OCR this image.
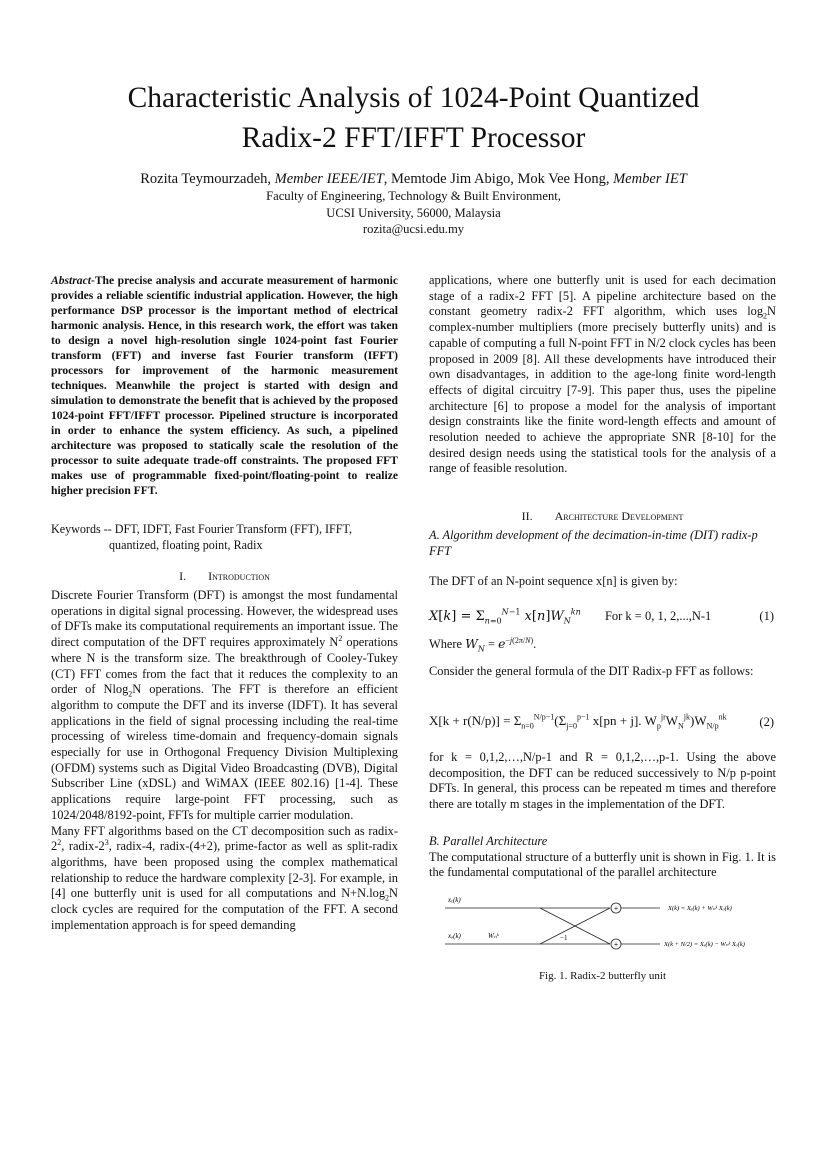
Characteristic Analysis of 1024-Point Quantized
Radix-2 FFT/IFFT Processor
Rozita Teymourzadeh, Member IEEE/IET, Memtode Jim Abigo, Mok Vee Hong, Member IET
Faculty of Engineering, Technology & Built Environment,
UCSI University, 56000, Malaysia
rozita@ucsi.edu.my
Abstract-The precise analysis and accurate measurement of harmonic provides a reliable scientific industrial application. However, the high performance DSP processor is the important method of electrical harmonic analysis. Hence, in this research work, the effort was taken to design a novel high-resolution single 1024-point fast Fourier transform (FFT) and inverse fast Fourier transform (IFFT) processors for improvement of the harmonic measurement techniques. Meanwhile the project is started with design and simulation to demonstrate the benefit that is achieved by the proposed 1024-point FFT/IFFT processor. Pipelined structure is incorporated in order to enhance the system efficiency. As such, a pipelined architecture was proposed to statically scale the resolution of the processor to suite adequate trade-off constraints. The proposed FFT makes use of programmable fixed-point/floating-point to realize higher precision FFT.
Keywords -- DFT, IDFT, Fast Fourier Transform (FFT), IFFT,
quantized, floating point, Radix
I. Introduction

Discrete Fourier Transform (DFT) is amongst the most fundamental operations in digital signal processing. However, the widespread uses of DFTs make its computational requirements an important issue. The direct computation of the DFT requires approximately $N^2$ operations where N is the transform size. The breakthrough of Cooley-Tukey (CT) FFT comes from the fact that it reduces the complexity to an order of Nlog$_2$N operations. The FFT is therefore an efficient algorithm to compute the DFT and its inverse (IDFT). It has several applications in the field of signal processing including the real-time processing of wireless time-domain and frequency-domain signals especially for use in Orthogonal Frequency Division Multiplexing (OFDM) systems such as Digital Video Broadcasting (DVB), Digital Subscriber Line (xDSL) and WiMAX (IEEE 802.16) [1-4]. These applications require large-point FFT processing, such as 1024/2048/8192-point, FFTs for multiple carrier modulation.

Many FFT algorithms based on the CT decomposition such as radix-$2^2$, radix-$2^3$, radix-4, radix-(4+2), prime-factor as well as split-radix algorithms, have been proposed using the complex mathematical relationship to reduce the hardware complexity [2-3]. For example, in [4] one butterfly unit is used for all computations and $N+N.\log_2N$ clock cycles are required for the computation of the FFT. A second implementation approach is for speed demanding

applications, where one butterfly unit is used for each decimation stage of a radix-2 FFT [5]. A pipeline architecture based on the constant geometry radix-2 FFT algorithm, which uses $\log_2N$ complex-number multipliers (more precisely butterfly units) and is capable of computing a full N-point FFT in N/2 clock cycles has been proposed in 2009 [8]. All these developments have introduced their own disadvantages, in addition to the age-long finite word-length effects of digital circuitry [7-9]. This paper thus, uses the pipeline architecture [6] to propose a model for the analysis of important design constraints like the finite word-length effects and amount of resolution needed to achieve the appropriate SNR [8-10] for the desired design needs using the statistical tools for the analysis of a range of feasible resolution.

II. Architecture Development

A. Algorithm development of the decimation-in-time (DIT) radix-p FFT

The DFT of an N-point sequence x[n] is given by:

$X[k] = \Sigma_{n=0}^{N-1}$ $x[n]W_N^{kn}$ For k = 0, 1, 2,...,N-1	(1)
Where $W_N = e^{-j(2\pi/N)}$.
Consider the general formula of the DIT Radix-p FFT as follows:
$X[k + r(N/p)] = \Sigma_{n=0}^{N/p-1}(\Sigma_{j=0}^{p-1}$ x[pn + j]. $W_p^{jr}W_N^{jk})W_{N/p}^{nk}$	(2)
for k = 0,1,2,…,N/p-1 and R = 0,1,2,…,p-1. Using the above decomposition, the DFT can be reduced successively to N/p p-point DFTs. In general, this process can be repeated m times and therefore there are totally m stages in the implementation of the DFT.

B. Parallel Architecture

The computational structure of a butterfly unit is shown in Fig. 1. It is the fundamental computational of the parallel architecture

+
+
xₑ(k)
xₒ(k)	Wₙᵏ	−1
X(k) = Xₑ(k) + Wₙᵏ Xₒ(k)
X(k + N/2) = Xₑ(k) − Wₙᵏ Xₒ(k)
Fig. 1. Radix-2 butterfly unit
